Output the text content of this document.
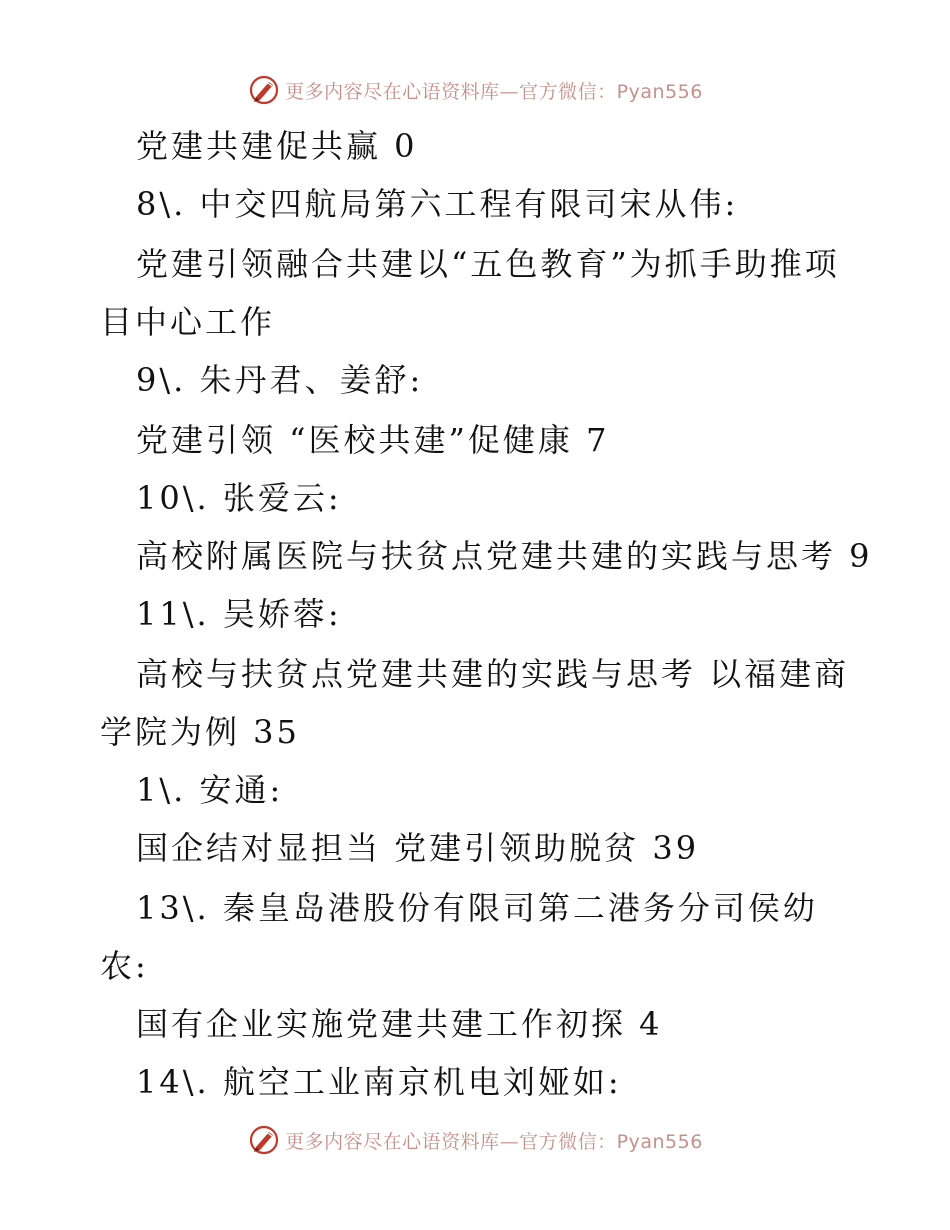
更多内容尽在心语资料库—官方微信：Pyan556
党建共建促共赢 0
8\. 中交四航局第六工程有限司宋从伟:
党建引领融合共建以“五色教育”为抓手助推项
目中心工作
9\. 朱丹君、姜舒:
党建引领 “医校共建”促健康 7
10\. 张爱云:
高校附属医院与扶贫点党建共建的实践与思考 9
11\. 吴娇蓉:
高校与扶贫点党建共建的实践与思考 以福建商
学院为例 35
1\. 安通:
国企结对显担当 党建引领助脱贫 39
13\. 秦皇岛港股份有限司第二港务分司侯幼
农:
国有企业实施党建共建工作初探 4
14\. 航空工业南京机电刘娅如:
更多内容尽在心语资料库—官方微信：Pyan556
